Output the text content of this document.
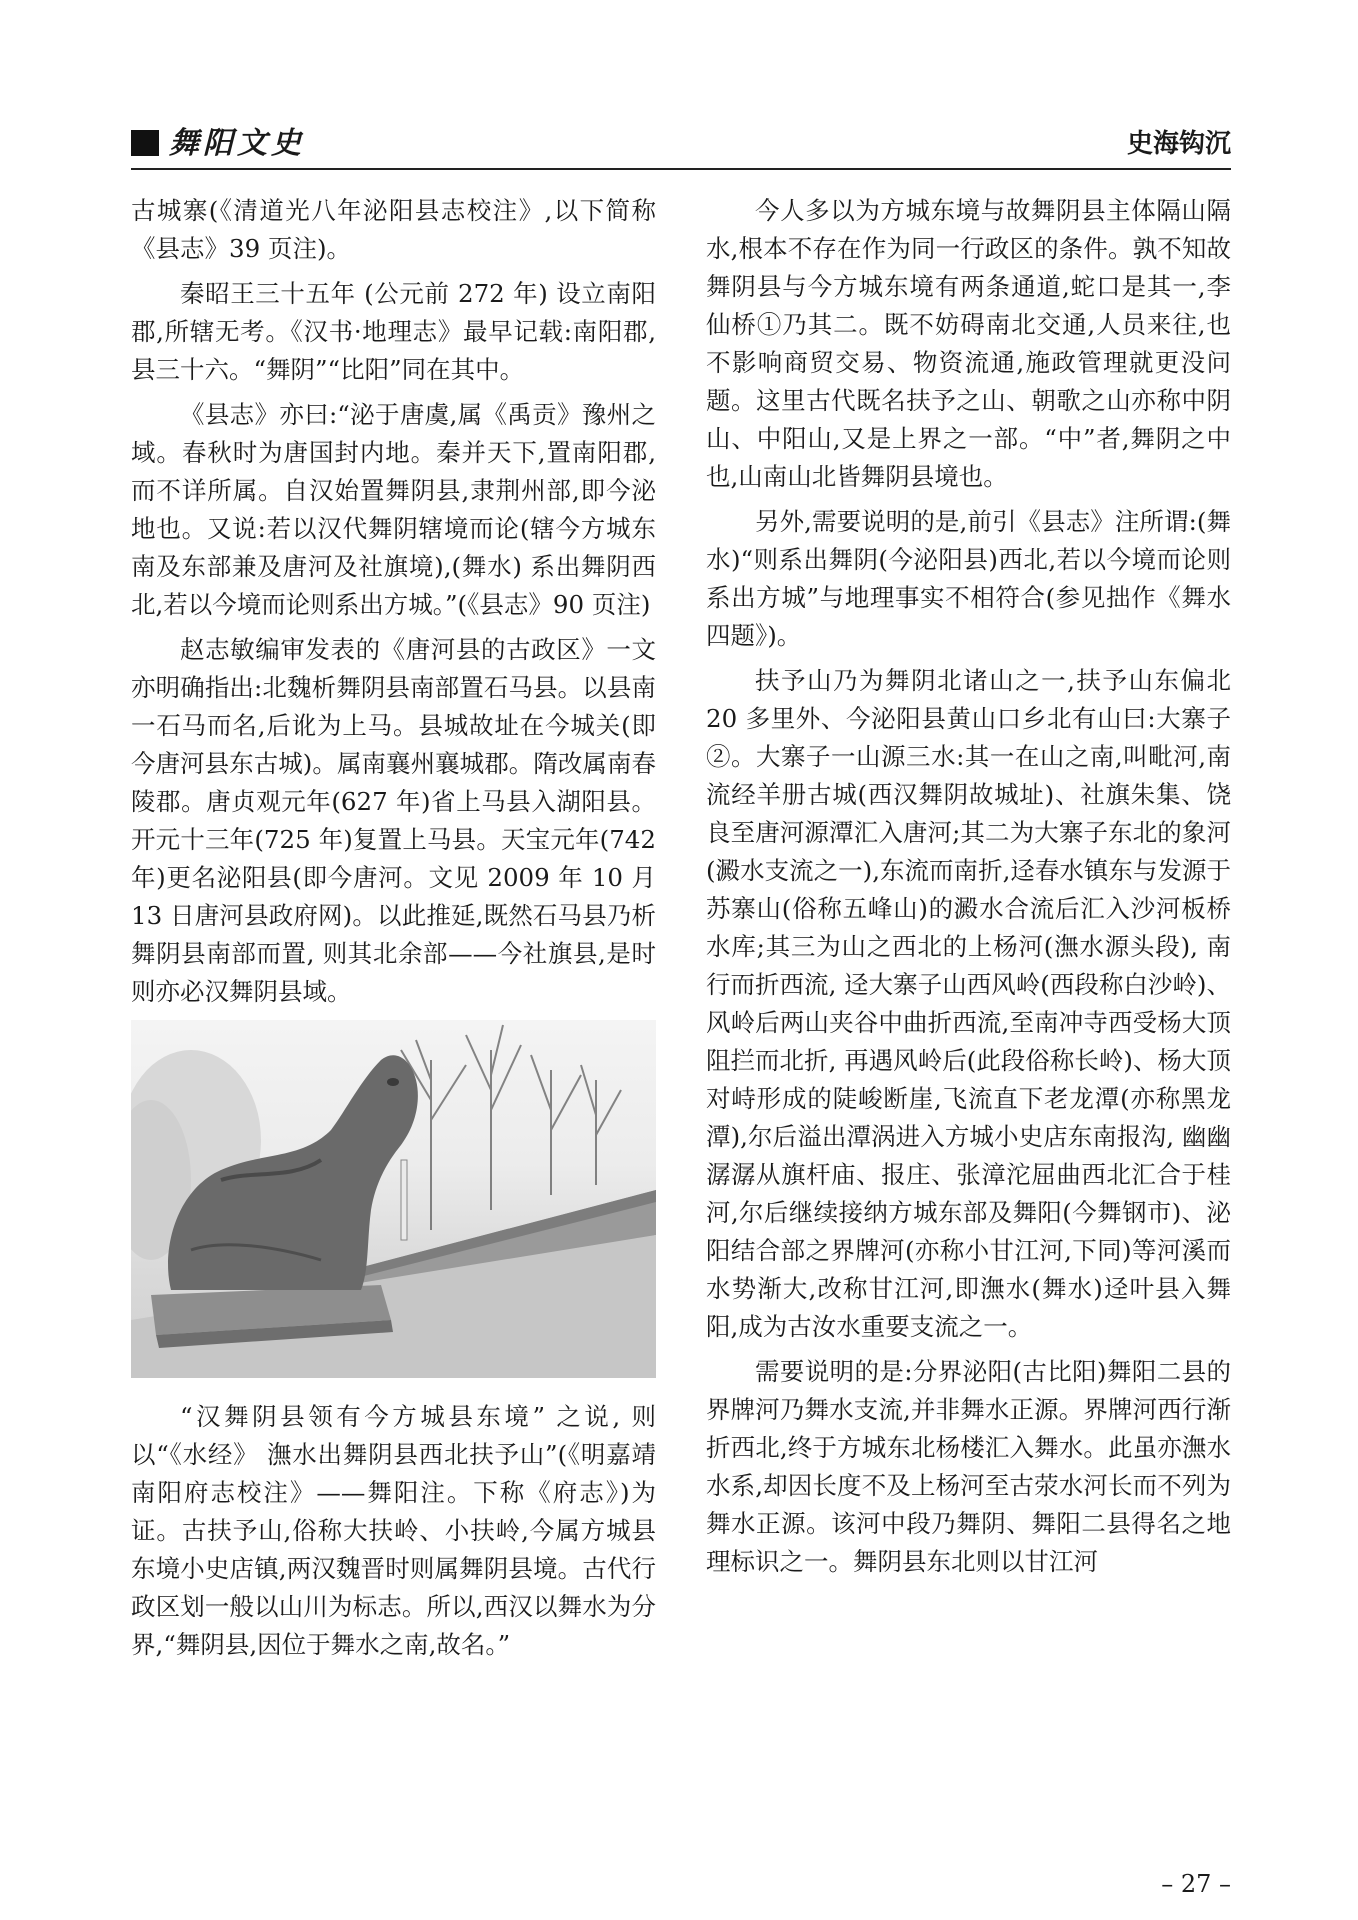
舞阳文史	史海钩沉

古城寨(《清道光八年泌阳县志校注》,以下简称《县志》39 页注)。

秦昭王三十五年 (公元前 272 年) 设立南阳郡,所辖无考。《汉书·地理志》最早记载:南阳郡,县三十六。“舞阴”“比阳”同在其中。

《县志》亦曰:“泌于唐虞,属《禹贡》豫州之域。春秋时为唐国封内地。秦并天下,置南阳郡,而不详所属。自汉始置舞阴县,隶荆州部,即今泌地也。又说:若以汉代舞阴辖境而论(辖今方城东南及东部兼及唐河及社旗境),(舞水) 系出舞阴西北,若以今境而论则系出方城。”(《县志》90 页注)

赵志敏编审发表的《唐河县的古政区》一文亦明确指出:北魏析舞阴县南部置石马县。以县南一石马而名,后讹为上马。县城故址在今城关(即今唐河县东古城)。属南襄州襄城郡。隋改属南春陵郡。唐贞观元年(627 年)省上马县入湖阳县。开元十三年(725 年)复置上马县。天宝元年(742 年)更名泌阳县(即今唐河。文见 2009 年 10 月 13 日唐河县政府网)。以此推延,既然石马县乃析舞阴县南部而置, 则其北余部——今社旗县,是时则亦必汉舞阴县域。

“汉舞阴县领有今方城县东境” 之说, 则以“《水经》 潕水出舞阴县西北扶予山”(《明嘉靖南阳府志校注》——舞阳注。下称《府志》)为证。古扶予山,俗称大扶岭、小扶岭,今属方城县东境小史店镇,两汉魏晋时则属舞阴县境。古代行政区划一般以山川为标志。所以,西汉以舞水为分界,“舞阴县,因位于舞水之南,故名。”

今人多以为方城东境与故舞阴县主体隔山隔水,根本不存在作为同一行政区的条件。孰不知故舞阴县与今方城东境有两条通道,蛇口是其一,李仙桥①乃其二。既不妨碍南北交通,人员来往,也不影响商贸交易、物资流通,施政管理就更没问题。这里古代既名扶予之山、朝歌之山亦称中阴山、中阳山,又是上界之一部。“中”者,舞阴之中也,山南山北皆舞阴县境也。

另外,需要说明的是,前引《县志》注所谓:(舞水)“则系出舞阴(今泌阳县)西北,若以今境而论则系出方城”与地理事实不相符合(参见拙作《舞水四题》)。

扶予山乃为舞阴北诸山之一,扶予山东偏北 20 多里外、今泌阳县黄山口乡北有山曰:大寨子②。大寨子一山源三水:其一在山之南,叫毗河,南流经羊册古城(西汉舞阴故城址)、社旗朱集、饶良至唐河源潭汇入唐河;其二为大寨子东北的象河(澱水支流之一),东流而南折,迳春水镇东与发源于苏寨山(俗称五峰山)的澱水合流后汇入沙河板桥水库;其三为山之西北的上杨河(潕水源头段), 南行而折西流, 迳大寨子山西风岭(西段称白沙岭)、风岭后两山夹谷中曲折西流,至南冲寺西受杨大顶阻拦而北折, 再遇风岭后(此段俗称长岭)、杨大顶对峙形成的陡峻断崖,飞流直下老龙潭(亦称黑龙潭),尔后溢出潭涡进入方城小史店东南报沟, 幽幽潺潺从旗杆庙、报庄、张漳沱屈曲西北汇合于桂河,尔后继续接纳方城东部及舞阳(今舞钢市)、泌阳结合部之界牌河(亦称小甘江河,下同)等河溪而水势渐大,改称甘江河,即潕水(舞水)迳叶县入舞阳,成为古汝水重要支流之一。

需要说明的是:分界泌阳(古比阳)舞阳二县的界牌河乃舞水支流,并非舞水正源。界牌河西行渐折西北,终于方城东北杨楼汇入舞水。此虽亦潕水水系,却因长度不及上杨河至古荥水河长而不列为舞水正源。该河中段乃舞阴、舞阳二县得名之地理标识之一。舞阴县东北则以甘江河

– 27 –
